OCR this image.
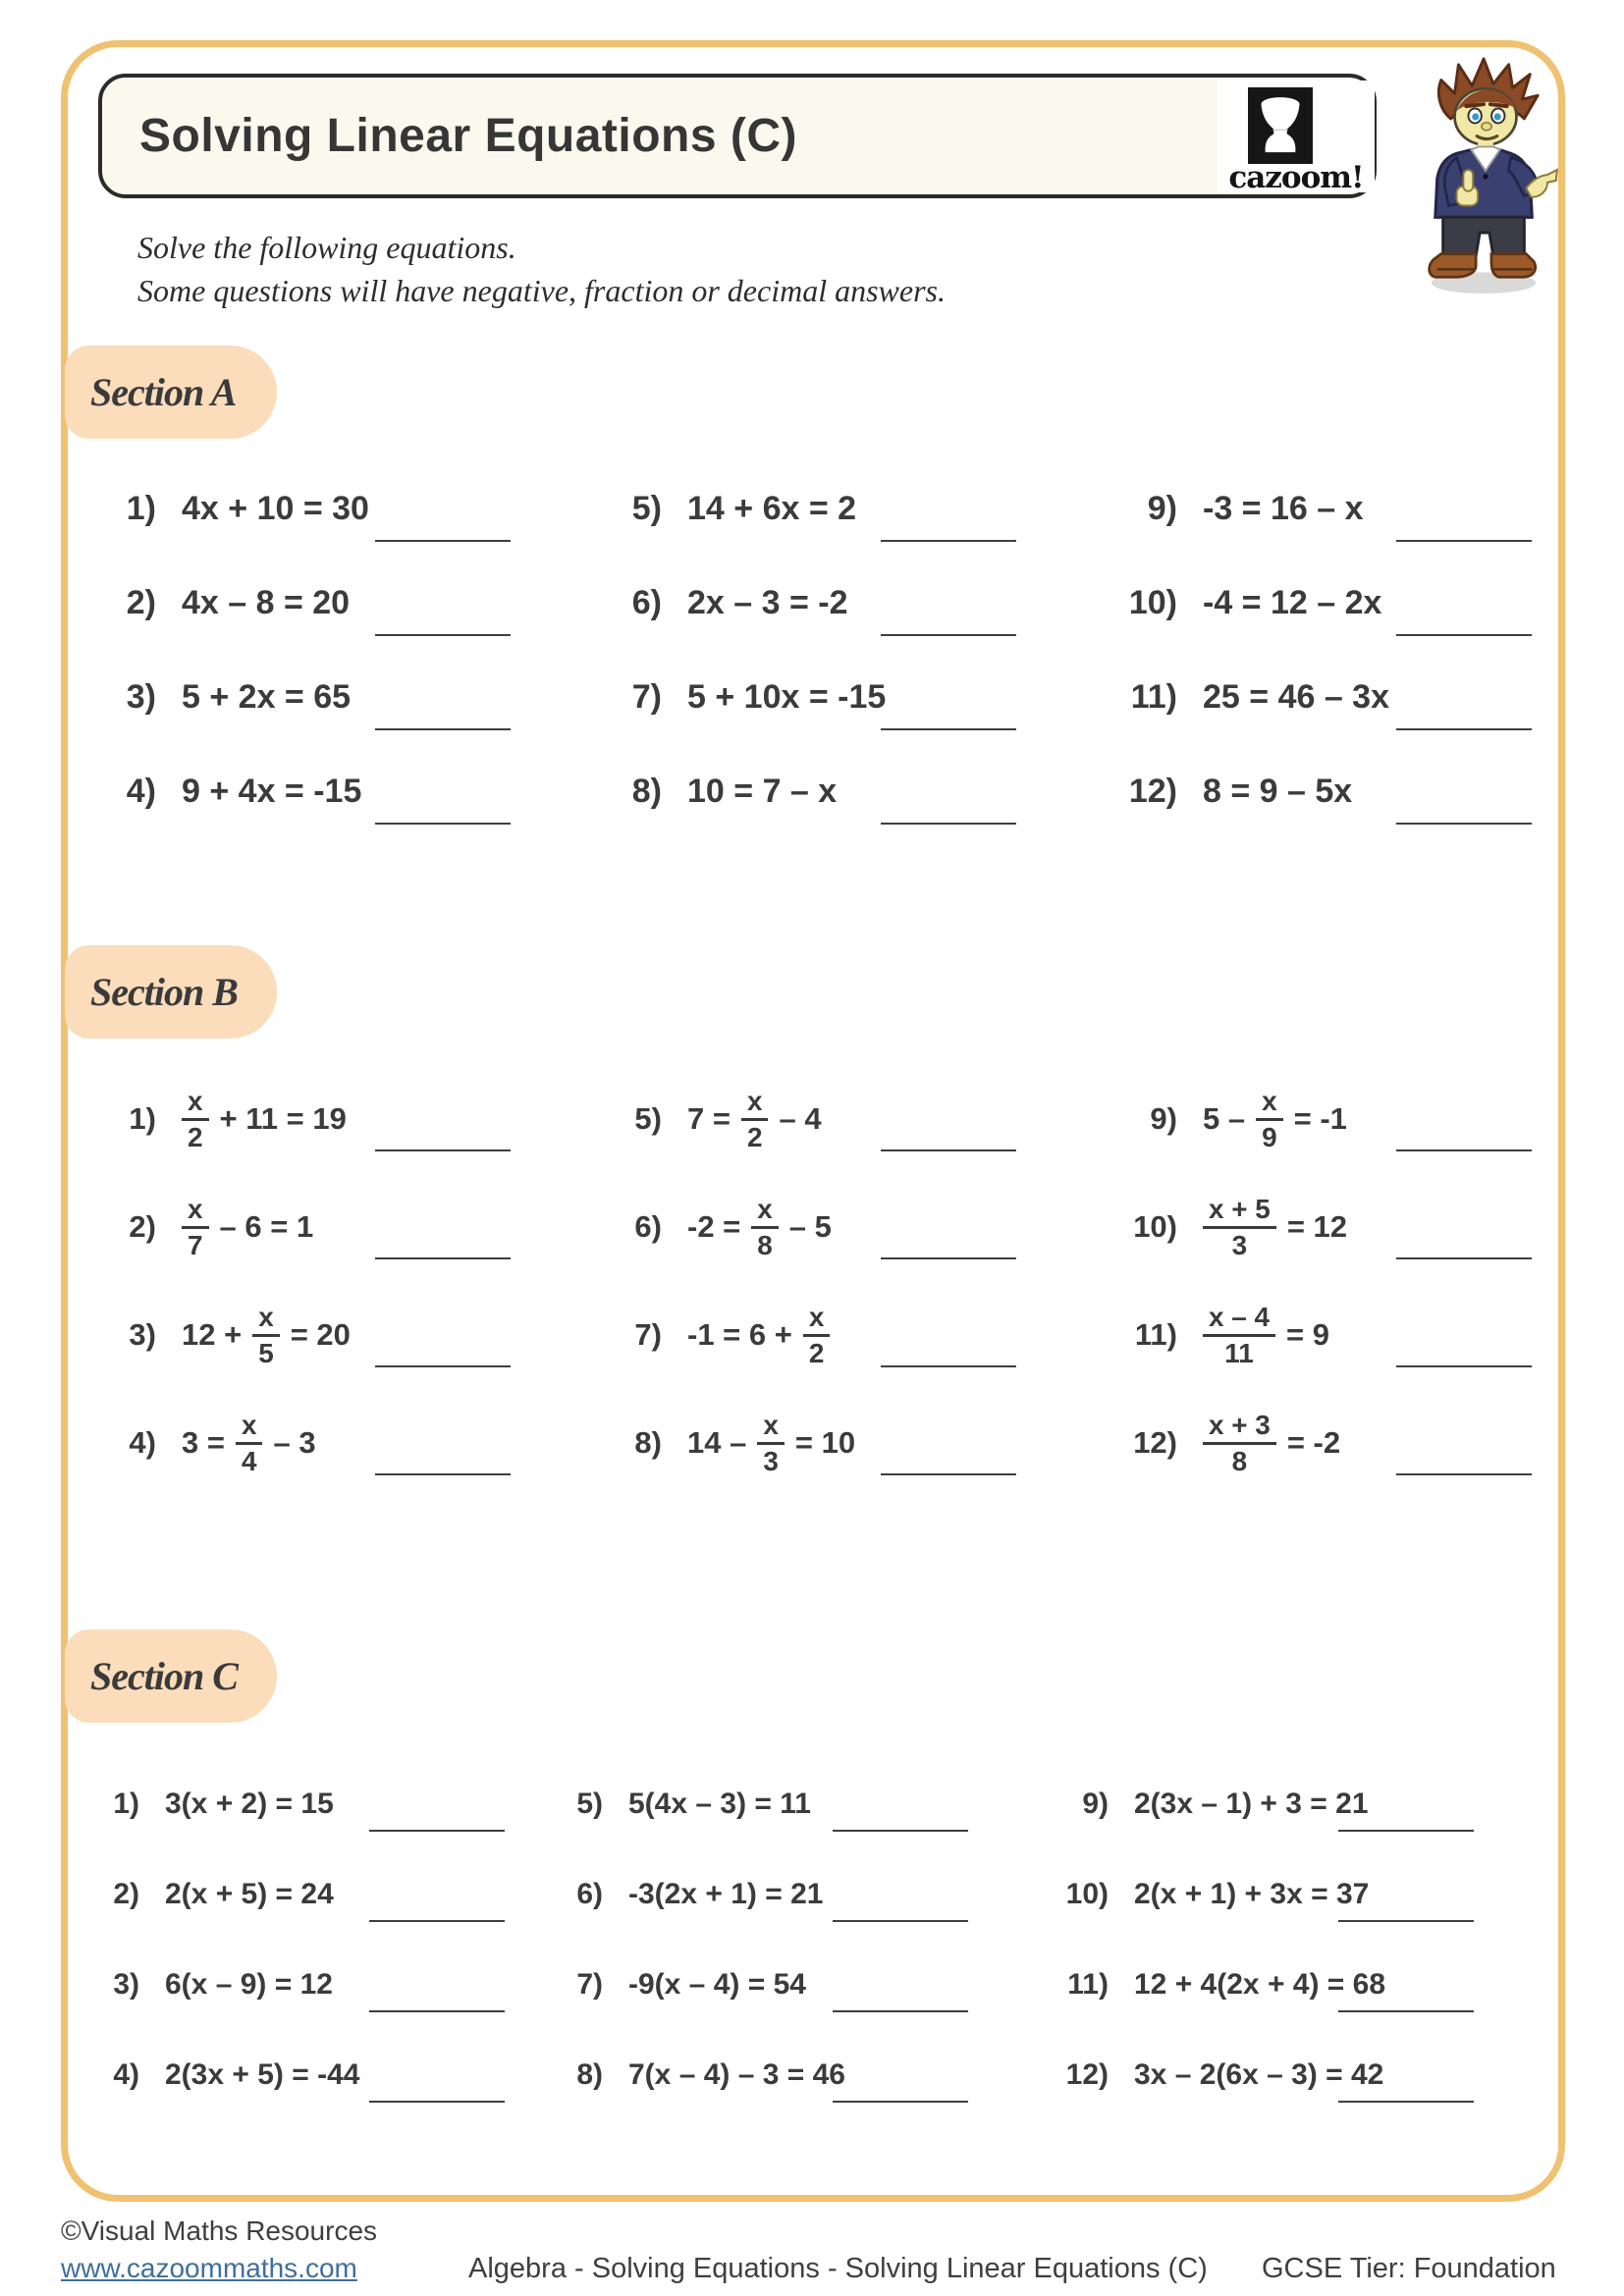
Solving Linear Equations (C)
cazoom!
Solve the following equations.
Some questions will have negative, fraction or decimal answers.
Section A
1) 4x + 10 = 30
2) 4x – 8 = 20
3) 5 + 2x = 65
4) 9 + 4x = -15
5) 14 + 6x = 2
6) 2x – 3 = -2
7) 5 + 10x = -15
8) 10 = 7 – x
9) -3 = 16 – x
10) -4 = 12 – 2x
11) 25 = 46 – 3x
12) 8 = 9 – 5x
Section B
$1) \frac{x}{2} + 11 = 19$
$2) \frac{x}{7} - 6 = 1$
3) $12 + \frac{x}{5} = 20$
4) $3 = \frac{x}{4} - 3$
5) $7 = \frac{x}{2} - 4$
6) $-2 = \frac{x}{8} - 5$
7) $-1 = 6 + \frac{x}{2}$
8) $14 - \frac{x}{3} = 10$
9) $5 - \frac{x}{9} = -1$
$10) \frac{x + 5}{3} = 12$
$11) \frac{x - 4}{11} = 9$
$12) \frac{x + 3}{8} = -2$
Section C
1) 3(x + 2) = 15
2) 2(x + 5) = 24
3) 6(x – 9) = 12
4) 2(3x + 5) = -44
5) 5(4x – 3) = 11
6) -3(2x + 1) = 21
7) -9(x – 4) = 54
8) 7(x – 4) – 3 = 46
9) 2(3x – 1) + 3 = 21
10) 2(x + 1) + 3x = 37
11) 12 + 4(2x + 4) = 68
12) 3x – 2(6x – 3) = 42
©Visual Maths Resources
www.cazoommaths.com	Algebra - Solving Equations - Solving Linear Equations (C) GCSE Tier: Foundation
